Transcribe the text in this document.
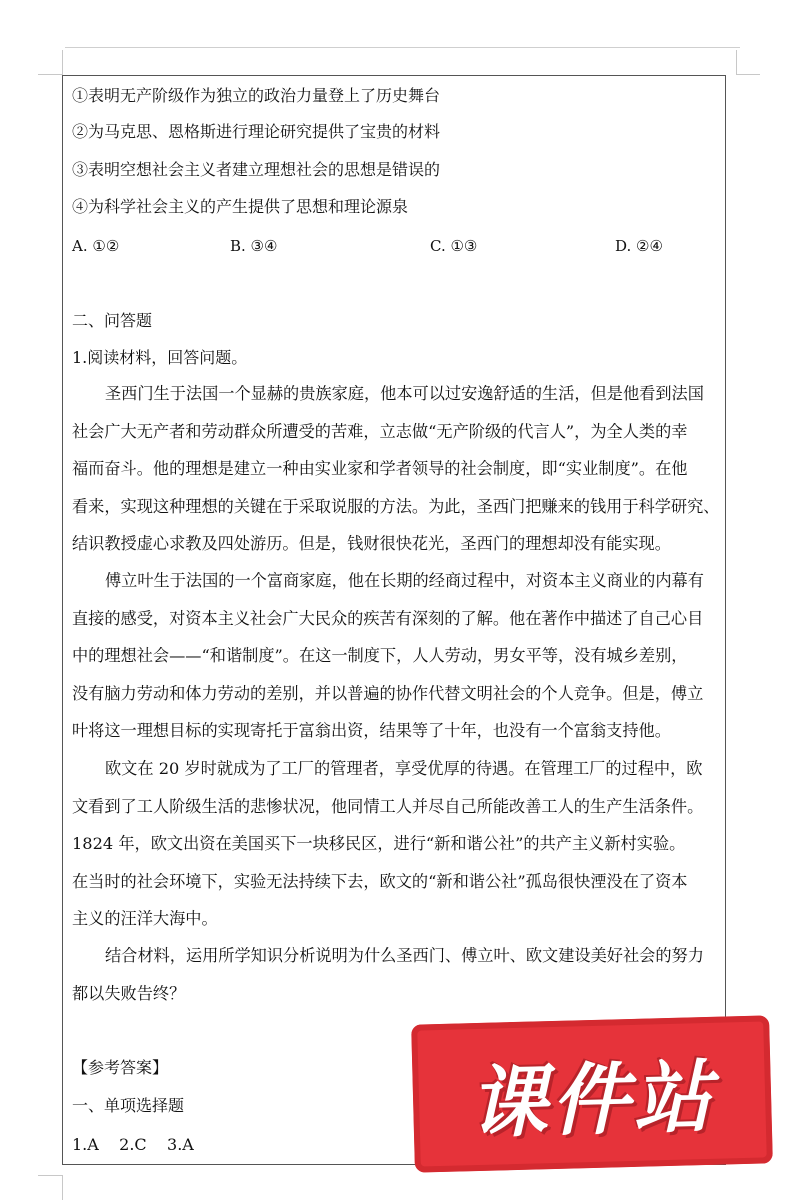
①表明无产阶级作为独立的政治力量登上了历史舞台
②为马克思、恩格斯进行理论研究提供了宝贵的材料
③表明空想社会主义者建立理想社会的思想是错误的
④为科学社会主义的产生提供了思想和理论源泉
A. ①②	B. ③④	C. ①③	D. ②④
二、问答题
1.阅读材料，回答问题。
圣西门生于法国一个显赫的贵族家庭，他本可以过安逸舒适的生活，但是他看到法国
社会广大无产者和劳动群众所遭受的苦难，立志做“无产阶级的代言人”，为全人类的幸
福而奋斗。他的理想是建立一种由实业家和学者领导的社会制度，即“实业制度”。在他
看来，实现这种理想的关键在于采取说服的方法。为此，圣西门把赚来的钱用于科学研究、
结识教授虚心求教及四处游历。但是，钱财很快花光，圣西门的理想却没有能实现。
傅立叶生于法国的一个富商家庭，他在长期的经商过程中，对资本主义商业的内幕有
直接的感受，对资本主义社会广大民众的疾苦有深刻的了解。他在著作中描述了自己心目
中的理想社会——“和谐制度”。在这一制度下，人人劳动，男女平等，没有城乡差别，
没有脑力劳动和体力劳动的差别，并以普遍的协作代替文明社会的个人竞争。但是，傅立
叶将这一理想目标的实现寄托于富翁出资，结果等了十年，也没有一个富翁支持他。
欧文在 20 岁时就成为了工厂的管理者，享受优厚的待遇。在管理工厂的过程中，欧
文看到了工人阶级生活的悲惨状况，他同情工人并尽自己所能改善工人的生产生活条件。
1824 年，欧文出资在美国买下一块移民区，进行“新和谐公社”的共产主义新村实验。
在当时的社会环境下，实验无法持续下去，欧文的“新和谐公社”孤岛很快湮没在了资本
主义的汪洋大海中。
结合材料，运用所学知识分析说明为什么圣西门、傅立叶、欧文建设美好社会的努力
都以失败告终？
【参考答案】
一、单项选择题
1.A    2.C    3.A	课件站
